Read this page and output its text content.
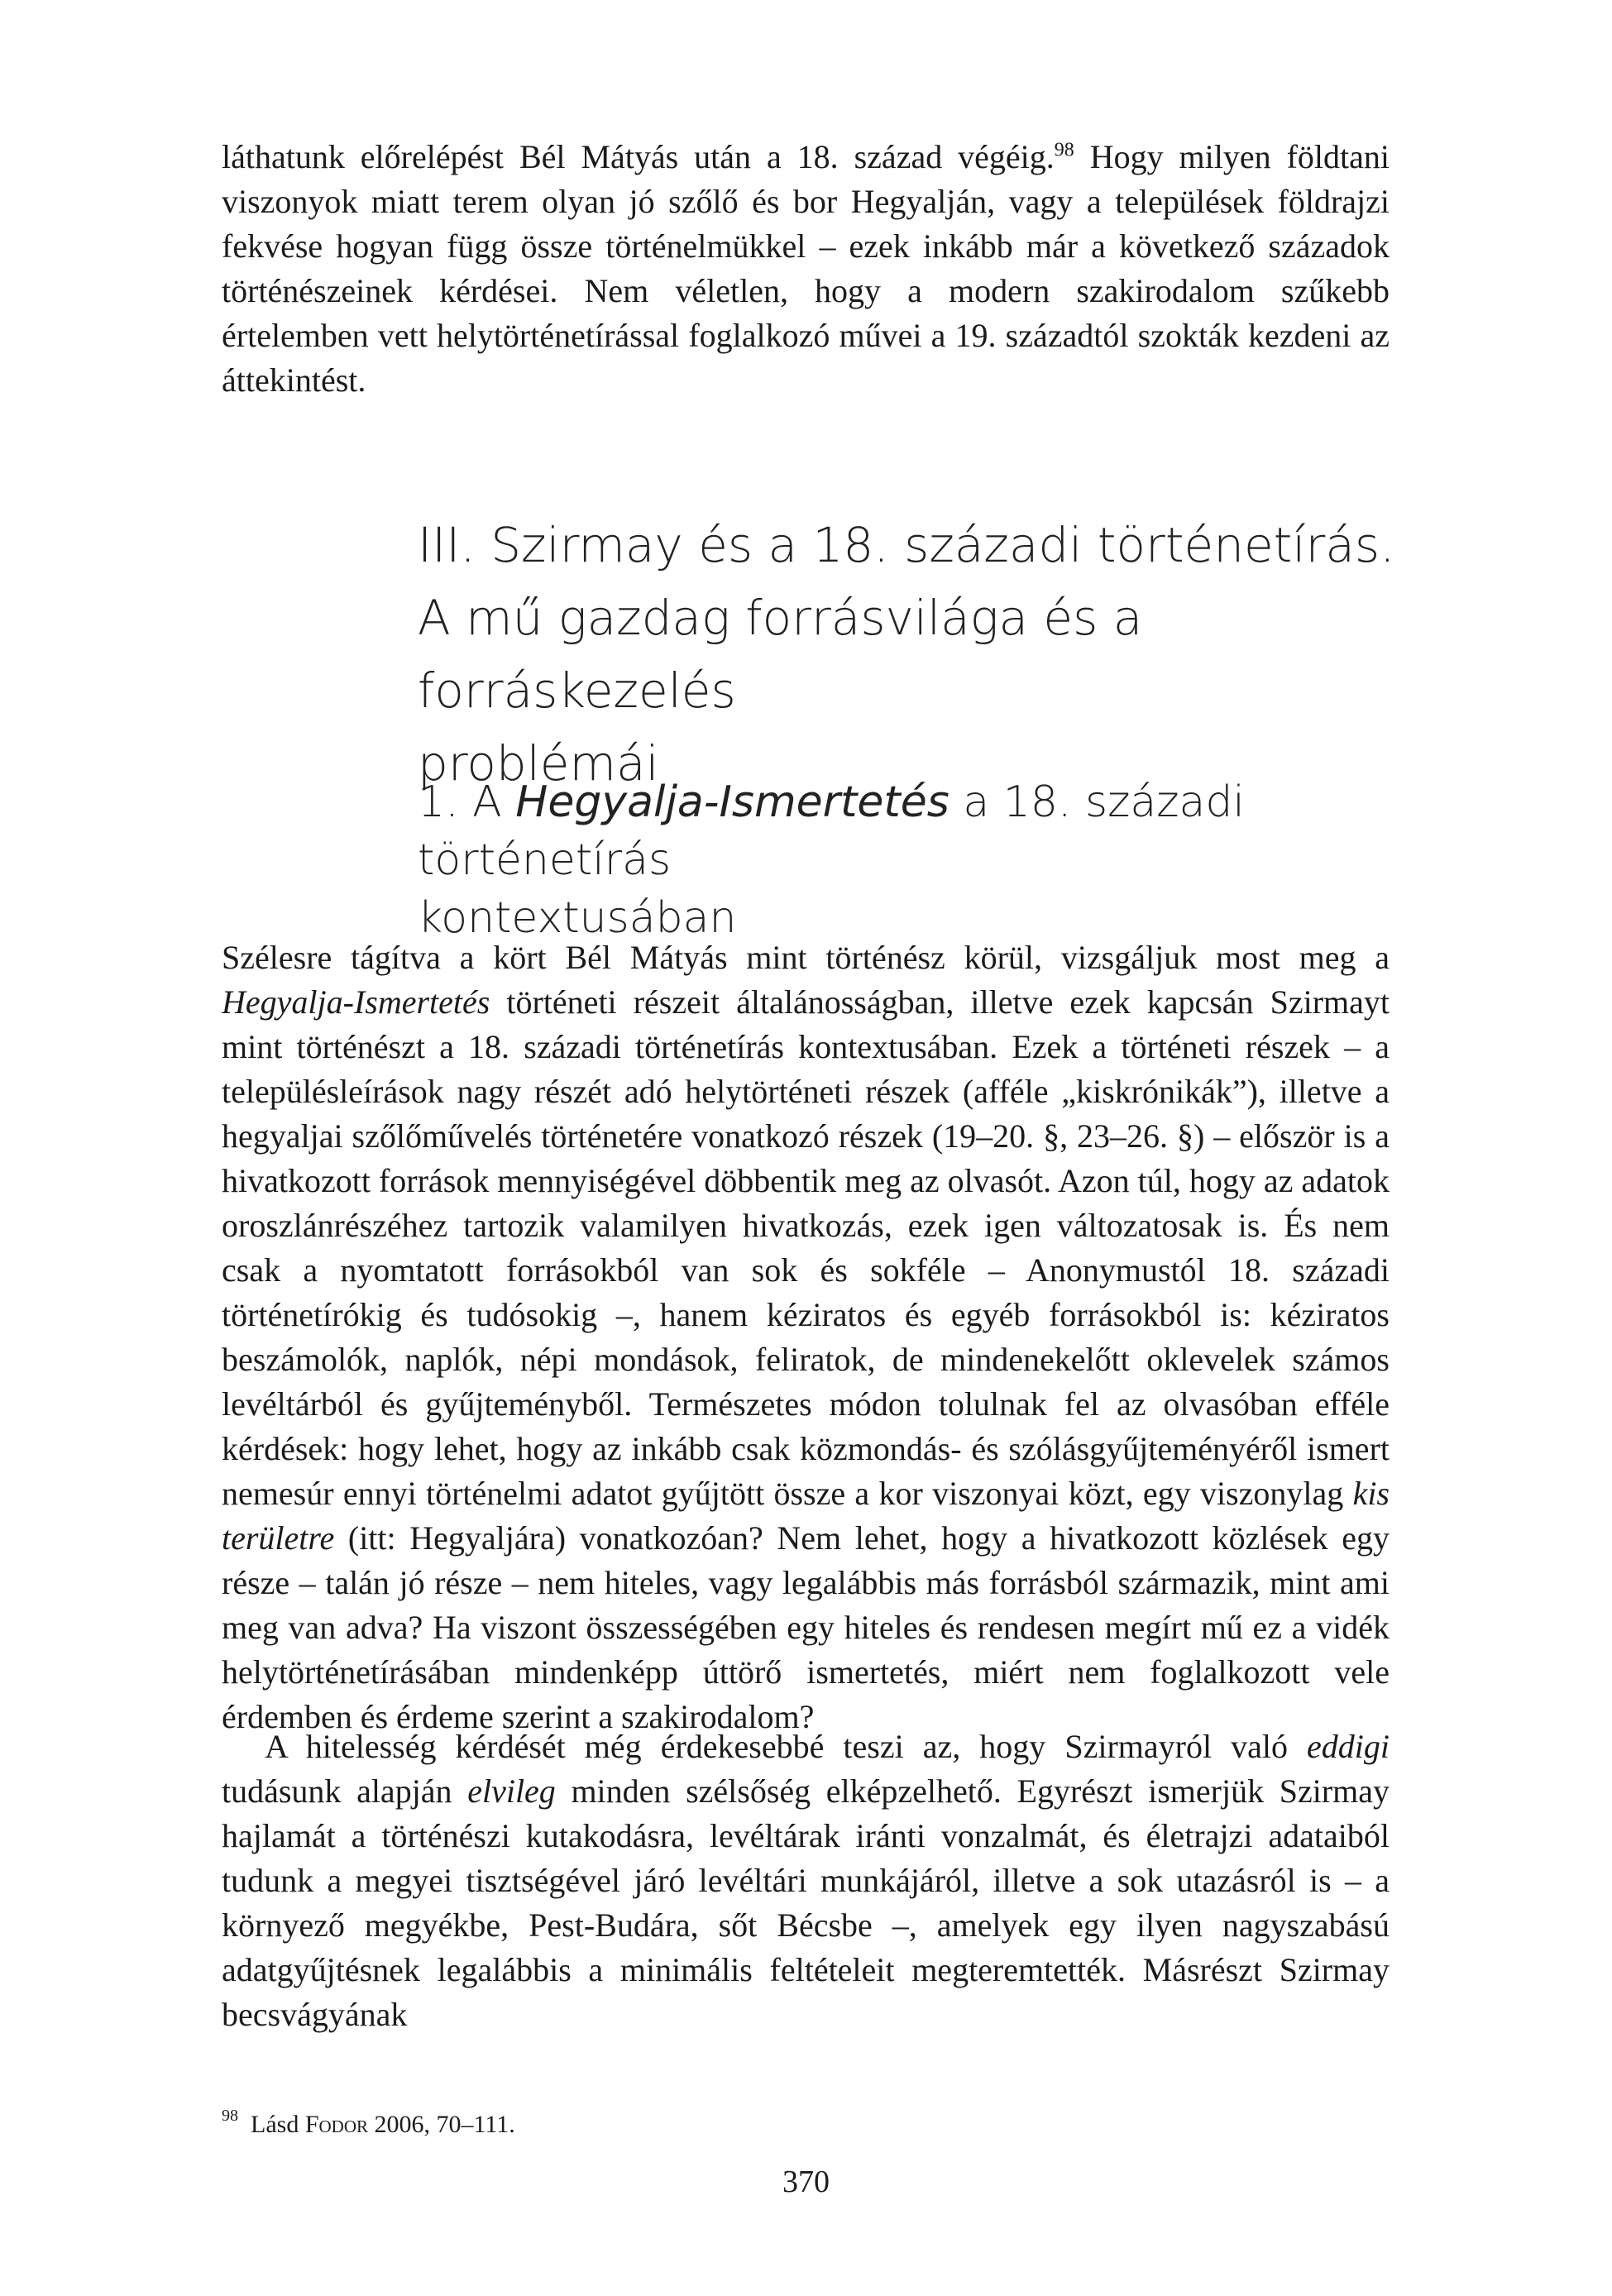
láthatunk előrelépést Bél Mátyás után a 18. század végéig.$^{98}$ Hogy milyen földtani viszonyok miatt terem olyan jó szőlő és bor Hegyalján, vagy a települések földrajzi fekvése hogyan függ össze történelmükkel – ezek inkább már a következő századok történészeinek kérdései. Nem véletlen, hogy a modern szakirodalom szűkebb értelemben vett helytörténetírással foglalkozó művei a 19. századtól szokták kezdeni az áttekintést.

III. Szirmay és a 18. századi történetírás.
A mű gazdag forrásvilága és a forráskezelés
problémái
1. A Hegyalja-Ismertetés a 18. századi történetírás
kontextusában

Szélesre tágítva a kört Bél Mátyás mint történész körül, vizsgáljuk most meg a Hegyalja-Ismertetés történeti részeit általánosságban, illetve ezek kapcsán Szirmayt mint történészt a 18. századi történetírás kontextusában. Ezek a történeti részek – a településleírások nagy részét adó helytörténeti részek (afféle „kiskrónikák”), illetve a hegyaljai szőlőművelés történetére vonatkozó részek (19–20. §, 23–26. §) – először is a hivatkozott források mennyiségével döbbentik meg az olvasót. Azon túl, hogy az adatok oroszlánrészéhez tartozik valamilyen hivatkozás, ezek igen változatosak is. És nem csak a nyomtatott forrásokból van sok és sokféle – Anonymustól 18. századi történetírókig és tudósokig –, hanem kéziratos és egyéb forrásokból is: kéziratos beszámolók, naplók, népi mondások, feliratok, de mindenekelőtt oklevelek számos levéltárból és gyűjteményből. Természetes módon tolulnak fel az olvasóban efféle kérdések: hogy lehet, hogy az inkább csak közmondás- és szólásgyűjteményéről ismert nemesúr ennyi történelmi adatot gyűjtött össze a kor viszonyai közt, egy viszonylag kis területre (itt: Hegyaljára) vonatkozóan? Nem lehet, hogy a hivatkozott közlések egy része – talán jó része – nem hiteles, vagy legalábbis más forrásból származik, mint ami meg van adva? Ha viszont összességében egy hiteles és rendesen megírt mű ez a vidék helytörténetírásában mindenképp úttörő ismertetés, miért nem foglalkozott vele érdemben és érdeme szerint a szakirodalom?

A hitelesség kérdését még érdekesebbé teszi az, hogy Szirmayról való eddigi tudásunk alapján elvileg minden szélsőség elképzelhető. Egyrészt ismerjük Szirmay hajlamát a történészi kutakodásra, levéltárak iránti vonzalmát, és életrajzi adataiból tudunk a megyei tisztségével járó levéltári munkájáról, illetve a sok utazásról is – a környező megyékbe, Pest-Budára, sőt Bécsbe –, amelyek egy ilyen nagyszabású adatgyűjtésnek legalábbis a minimális feltételeit megteremtették. Másrészt Szirmay becsvágyának

$^{98}$ Lásd Fodor 2006, 70–111.

370
